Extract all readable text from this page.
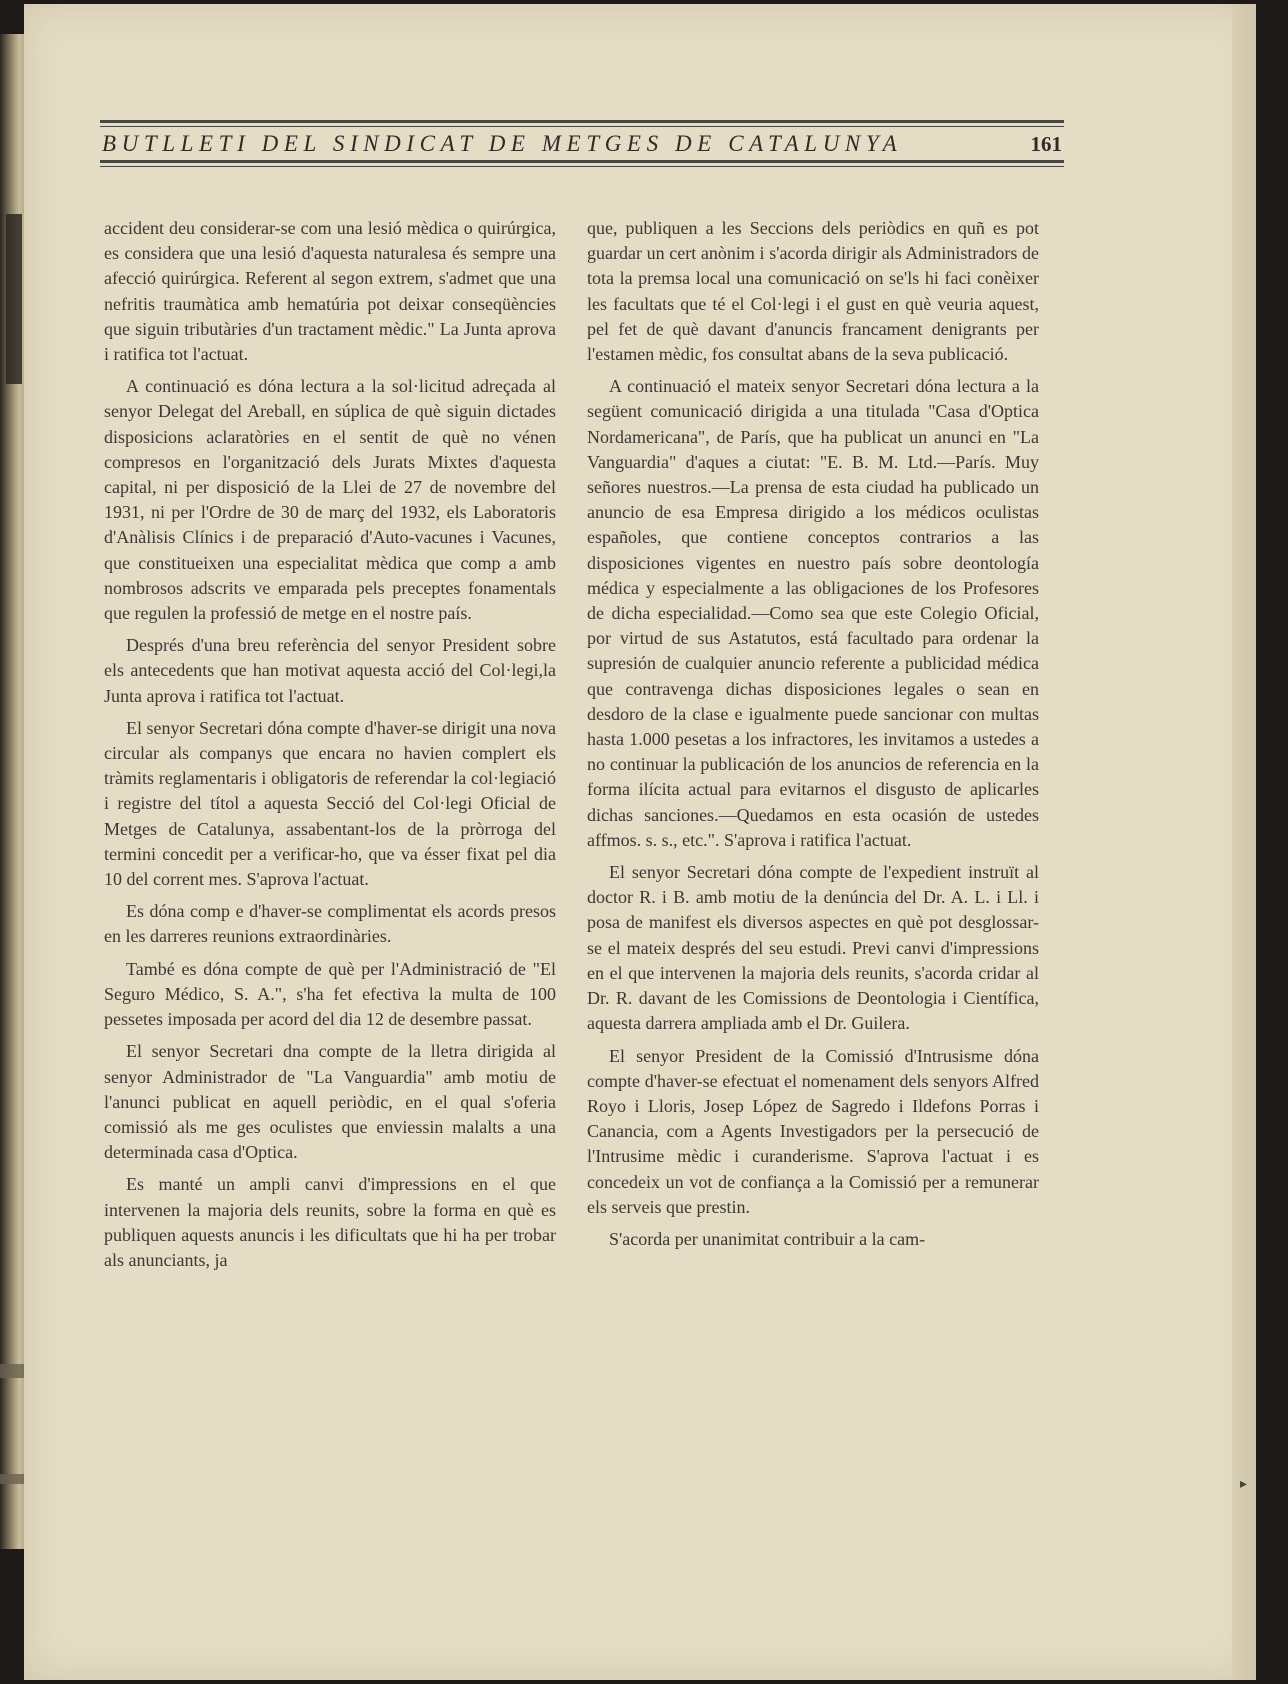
▸
BUTLLETI DEL SINDICAT DE METGES DE CATALUNYA	161

accident deu considerar-se com una lesió mèdica o quirúrgica, es considera que una lesió d'aquesta naturalesa és sempre una afecció quirúrgica. Referent al segon extrem, s'admet que una nefritis traumàtica amb hematúria pot deixar conseqüències que siguin tributàries d'un tractament mèdic." La Junta aprova i ratifica tot l'actuat.

A continuació es dóna lectura a la sol·licitud adreçada al senyor Delegat del Areball, en súplica de què siguin dictades disposicions aclaratòries en el sentit de què no vénen compresos en l'organització dels Jurats Mixtes d'aquesta capital, ni per disposició de la Llei de 27 de novembre del 1931, ni per l'Ordre de 30 de març del 1932, els Laboratoris d'Anàlisis Clínics i de preparació d'Auto-vacunes i Vacunes, que constitueixen una especialitat mèdica que comp a amb nombrosos adscrits ve emparada pels preceptes fonamentals que regulen la professió de metge en el nostre país.

Després d'una breu referència del senyor President sobre els antecedents que han motivat aquesta acció del Col·legi,la Junta aprova i ratifica tot l'actuat.

El senyor Secretari dóna compte d'haver-se dirigit una nova circular als companys que encara no havien complert els tràmits reglamentaris i obligatoris de referendar la col·legiació i registre del títol a aquesta Secció del Col·legi Oficial de Metges de Catalunya, assabentant-los de la pròrroga del termini concedit per a verificar-ho, que va ésser fixat pel dia 10 del corrent mes. S'aprova l'actuat.

Es dóna comp e d'haver-se complimentat els acords presos en les darreres reunions extraordinàries.

També es dóna compte de què per l'Administració de "El Seguro Médico, S. A.", s'ha fet efectiva la multa de 100 pessetes imposada per acord del dia 12 de desembre passat.

El senyor Secretari dna compte de la lletra dirigida al senyor Administrador de "La Vanguardia" amb motiu de l'anunci publicat en aquell periòdic, en el qual s'oferia comissió als me ges oculistes que enviessin malalts a una determinada casa d'Optica.

Es manté un ampli canvi d'impressions en el que intervenen la majoria dels reunits, sobre la forma en què es publiquen aquests anuncis i les dificultats que hi ha per trobar als anunciants, ja

que, publiquen a les Seccions dels periòdics en quñ es pot guardar un cert anònim i s'acorda dirigir als Administradors de tota la premsa local una comunicació on se'ls hi faci conèixer les facultats que té el Col·legi i el gust en què veuria aquest, pel fet de què davant d'anuncis francament denigrants per l'estamen mèdic, fos consultat abans de la seva publicació.

A continuació el mateix senyor Secretari dóna lectura a la següent comunicació dirigida a una titulada "Casa d'Optica Nordamericana", de París, que ha publicat un anunci en "La Vanguardia" d'aques a ciutat: "E. B. M. Ltd.—París. Muy señores nuestros.—La prensa de esta ciudad ha publicado un anuncio de esa Empresa dirigido a los médicos oculistas españoles, que contiene conceptos contrarios a las disposiciones vigentes en nuestro país sobre deontología médica y especialmente a las obligaciones de los Profesores de dicha especialidad.—Como sea que este Colegio Oficial, por virtud de sus Astatutos, está facultado para ordenar la supresión de cualquier anuncio referente a publicidad médica que contravenga dichas disposiciones legales o sean en desdoro de la clase e igualmente puede sancionar con multas hasta 1.000 pesetas a los infractores, les invitamos a ustedes a no continuar la publicación de los anuncios de referencia en la forma ilícita actual para evitarnos el disgusto de aplicarles dichas sanciones.—Quedamos en esta ocasión de ustedes affmos. s. s., etc.". S'aprova i ratifica l'actuat.

El senyor Secretari dóna compte de l'expedient instruït al doctor R. i B. amb motiu de la denúncia del Dr. A. L. i Ll. i posa de manifest els diversos aspectes en què pot desglossar-se el mateix després del seu estudi. Previ canvi d'impressions en el que intervenen la majoria dels reunits, s'acorda cridar al Dr. R. davant de les Comissions de Deontologia i Científica, aquesta darrera ampliada amb el Dr. Guilera.

El senyor President de la Comissió d'Intrusisme dóna compte d'haver-se efectuat el nomenament dels senyors Alfred Royo i Lloris, Josep López de Sagredo i Ildefons Porras i Canancia, com a Agents Investigadors per la persecució de l'Intrusime mèdic i curanderisme. S'aprova l'actuat i es concedeix un vot de confiança a la Comissió per a remunerar els serveis que prestin.

S'acorda per unanimitat contribuir a la cam-
